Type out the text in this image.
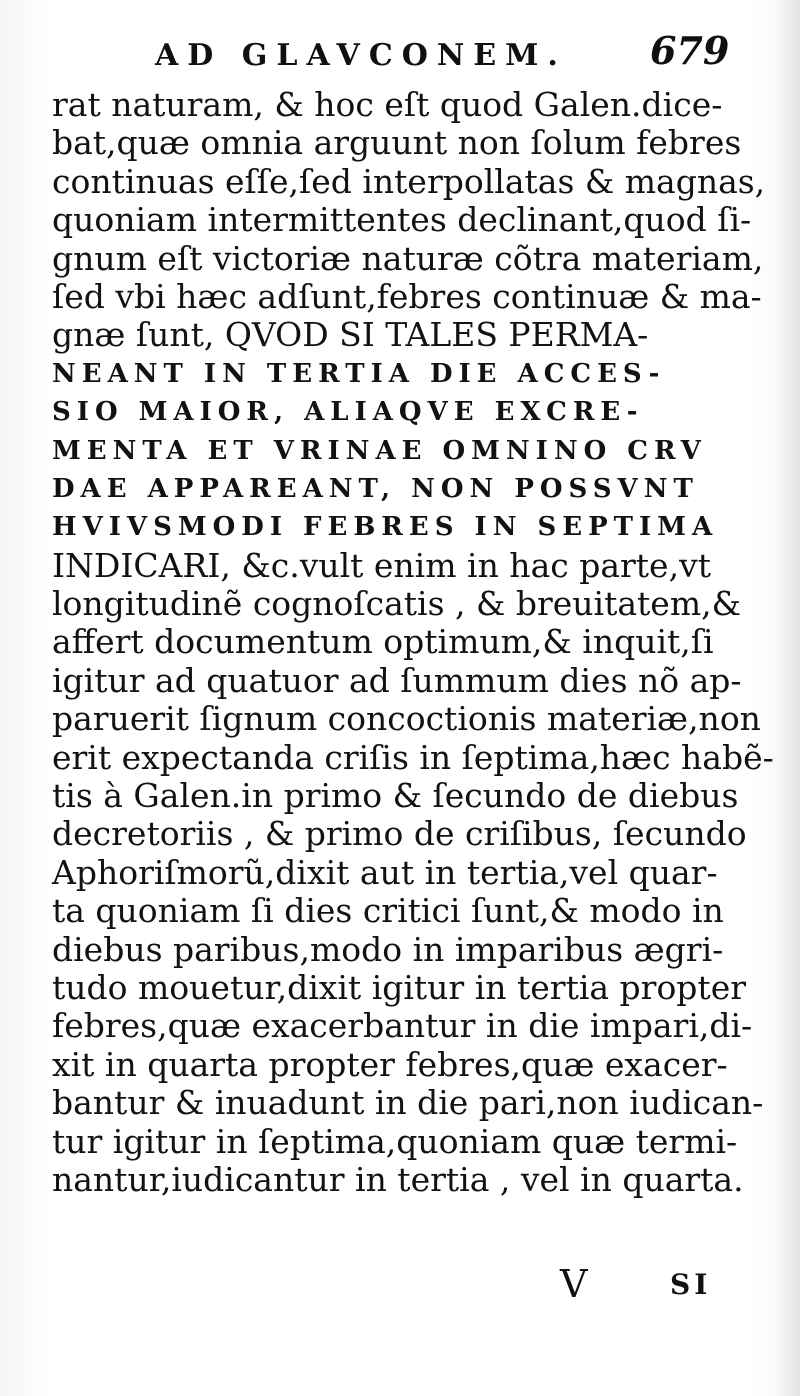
AD GLAVCONEM. 679
rat naturam, & hoc eſt quod Galen.dice-
bat,quæ omnia arguunt non ſolum febres
continuas eſſe,ſed interpollatas & magnas,
quoniam intermittentes declinant,quod ſi-
gnum eſt victoriæ naturæ cõtra materiam,
ſed vbi hæc adſunt,febres continuæ & ma-
gnæ ſunt, QVOD SI TALES PERMA-
NEANT IN TERTIA DIE ACCES-
SIO MAIOR, ALIAQVE EXCRE-
MENTA ET VRINAE OMNINO CRV
DAE APPAREANT, NON POSSVNT
HVIVSMODI FEBRES IN SEPTIMA
INDICARI, &c.vult enim in hac parte,vt
longitudinẽ cognoſcatis , & breuitatem,&
affert documentum optimum,& inquit,ſi
igitur ad quatuor ad ſummum dies nõ ap-
paruerit ſignum concoctionis materiæ,non
erit expectanda criſis in ſeptima,hæc habẽ-
tis à Galen.in primo & ſecundo de diebus
decretoriis , & primo de criſibus, ſecundo
Aphoriſmorũ,dixit aut in tertia,vel quar-
ta quoniam ſi dies critici ſunt,& modo in
diebus paribus,modo in imparibus ægri-
tudo mouetur,dixit igitur in tertia propter
febres,quæ exacerbantur in die impari,di-
xit in quarta propter febres,quæ exacer-
bantur & inuadunt in die pari,non iudican-
tur igitur in ſeptima,quoniam quæ termi-
nantur,iudicantur in tertia , vel in quarta.
V	SI
